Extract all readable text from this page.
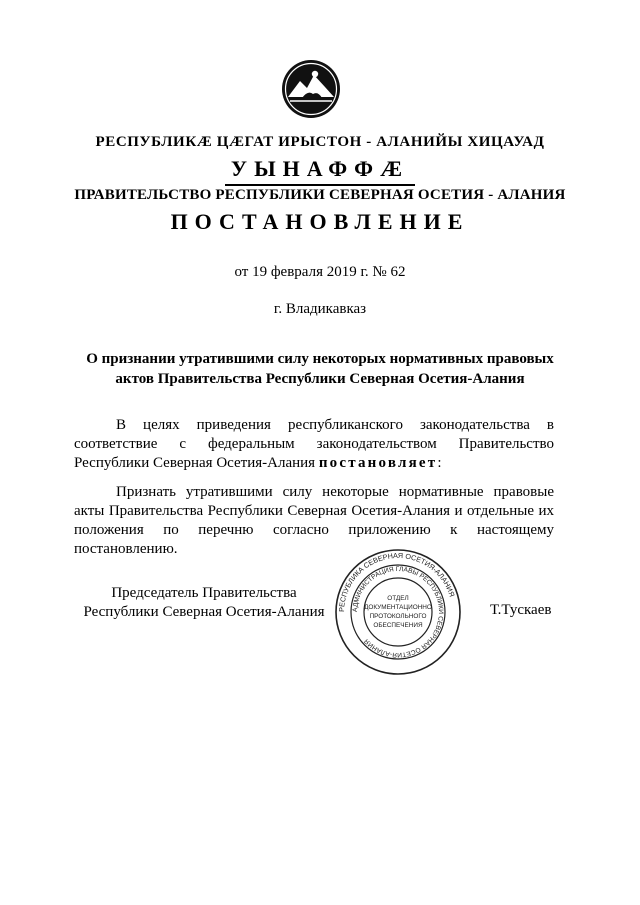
РЕСПУБЛИКӔ ЦӔГАТ ИРЫСТОН - АЛАНИЙЫ ХИЦАУАД
УЫНАФФӔ
ПРАВИТЕЛЬСТВО РЕСПУБЛИКИ СЕВЕРНАЯ ОСЕТИЯ - АЛАНИЯ
ПОСТАНОВЛЕНИЕ
от 19 февраля 2019 г. № 62
г. Владикавказ
О признании утратившими силу некоторых нормативных правовых
актов Правительства Республики Северная Осетия-Алания
В целях приведения республиканского законодательства в соответствие с федеральным законодательством Правительство Республики Северная Осетия-Алания постановляет:
Признать утратившими силу некоторые нормативные правовые акты Правительства Республики Северная Осетия-Алания и отдельные их положения по перечню согласно приложению к настоящему постановлению.
Председатель Правительства
Республики Северная Осетия-Алания	Т.Тускаев
РЕСПУБЛИКА СЕВЕРНАЯ ОСЕТИЯ-АЛАНИЯ
АДМИНИСТРАЦИЯ ГЛАВЫ РЕСПУБЛИКИ СЕВЕРНАЯ ОСЕТИЯ-АЛАНИЯ
ОТДЕЛ
ДОКУМЕНТАЦИОННО
ПРОТОКОЛЬНОГО
ОБЕСПЕЧЕНИЯ
